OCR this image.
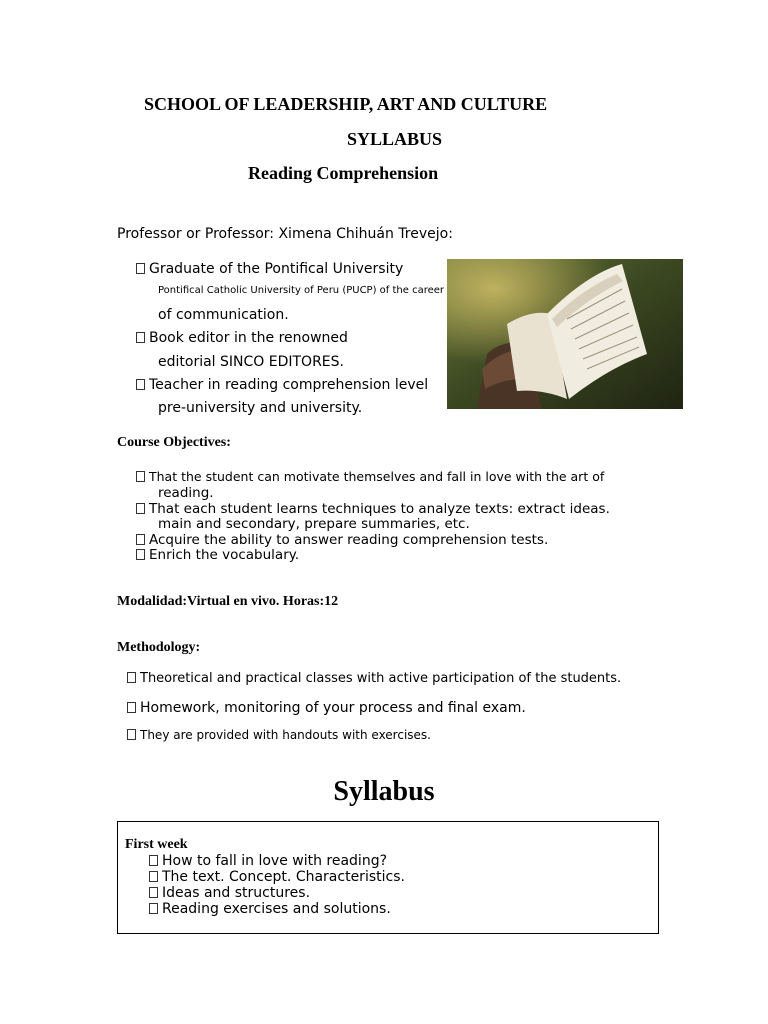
SCHOOL OF LEADERSHIP, ART AND CULTURE
SYLLABUS
Reading Comprehension
Professor or Professor: Ximena Chihuán Trevejo:
Graduate of the Pontifical University
Pontifical Catholic University of Peru (PUCP) of the career
of communication.
Book editor in the renowned
editorial SINCO EDITORES.
Teacher in reading comprehension level
pre-university and university.
Course Objectives:
That the student can motivate themselves and fall in love with the art of
reading.
That each student learns techniques to analyze texts: extract ideas.
main and secondary, prepare summaries, etc.
Acquire the ability to answer reading comprehension tests.
Enrich the vocabulary.
Modalidad:Virtual en vivo. Horas:12
Methodology:
Theoretical and practical classes with active participation of the students.
Homework, monitoring of your process and final exam.
They are provided with handouts with exercises.
Syllabus
First week
How to fall in love with reading?
The text. Concept. Characteristics.
Ideas and structures.
Reading exercises and solutions.
